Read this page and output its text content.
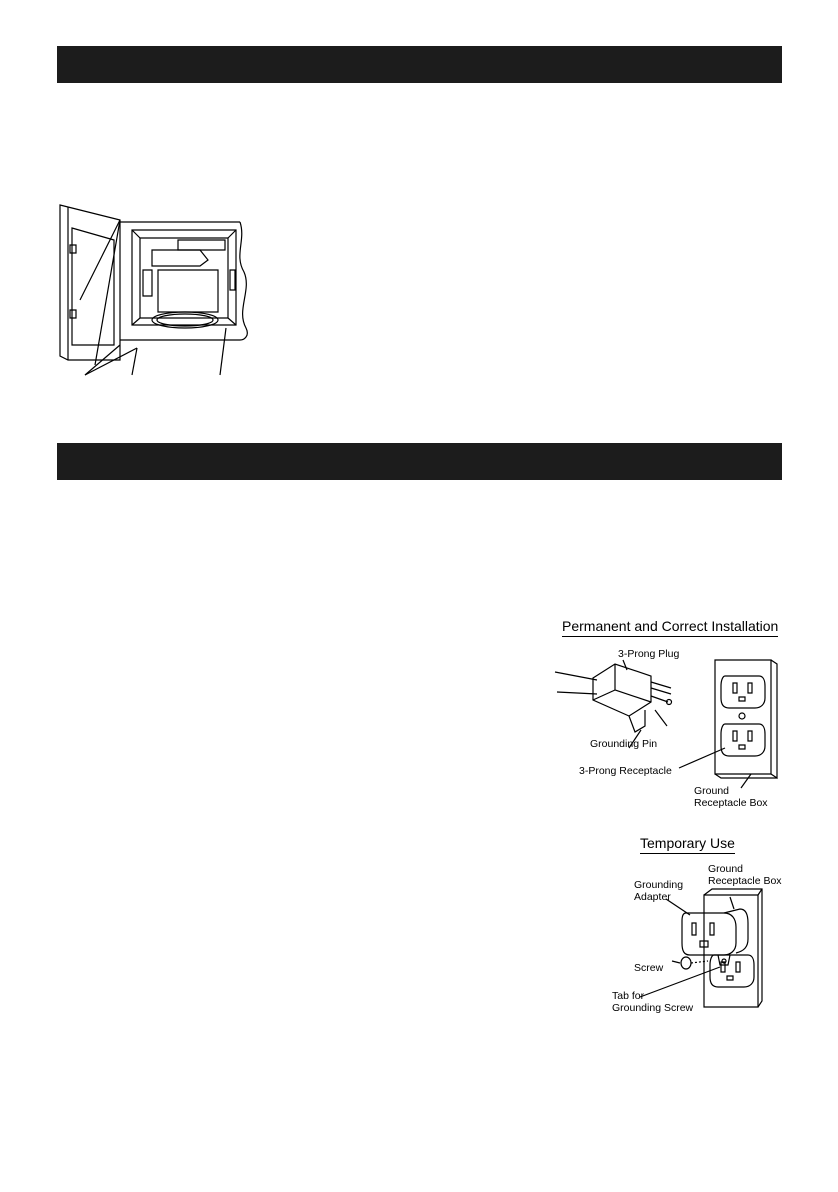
Permanent and Correct Installation
3-Prong Plug
Grounding Pin
3-Prong Receptacle
Ground
Receptacle Box
Temporary Use
Ground
Receptacle Box
Grounding
Adapter
Screw
Tab for
Grounding Screw
